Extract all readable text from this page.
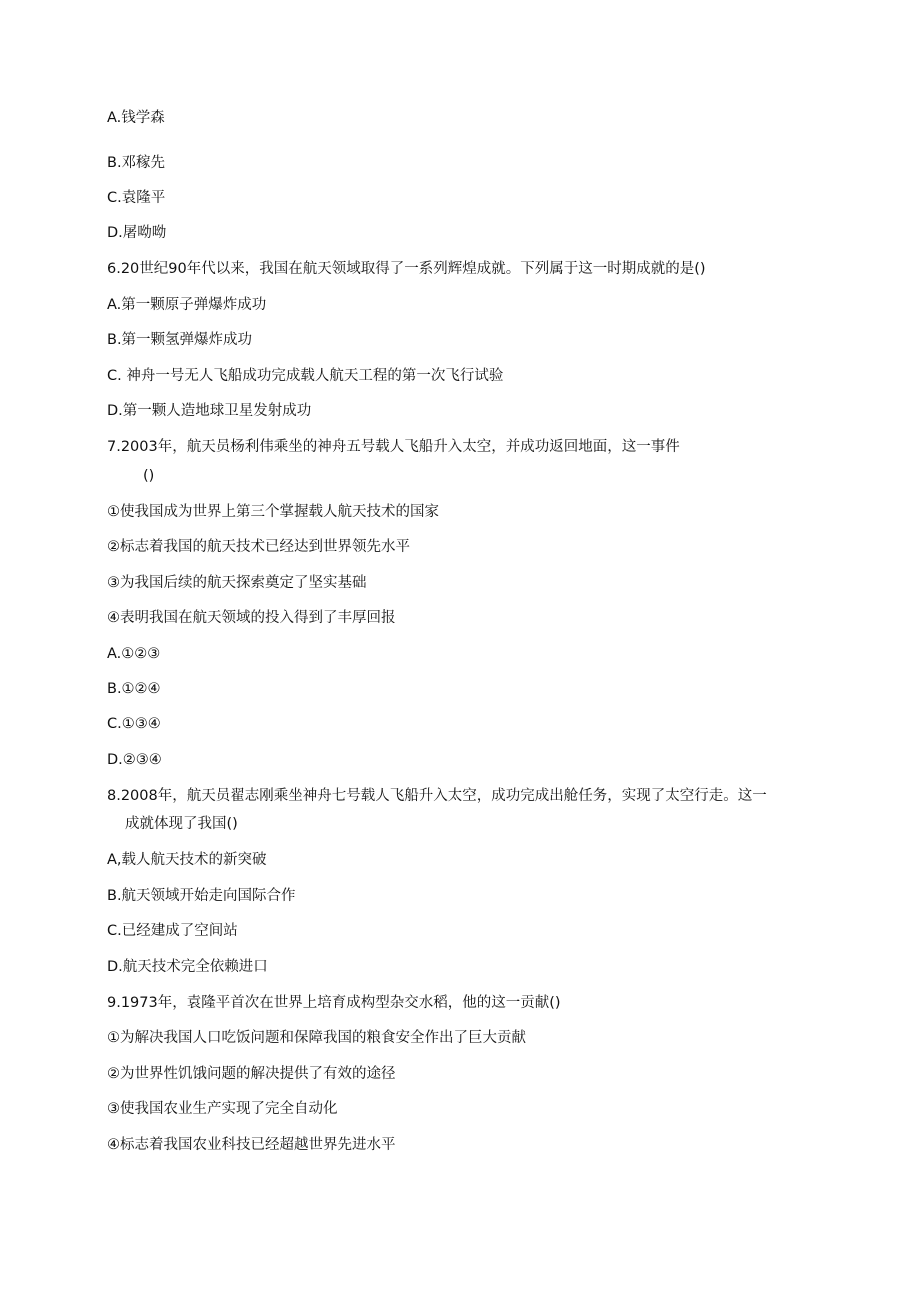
A.钱学森
B.邓稼先
C.袁隆平
D.屠呦呦
6.20世纪90年代以来，我国在航天领域取得了一系列辉煌成就。下列属于这一时期成就的是()
A.第一颗原子弹爆炸成功
B.第一颗氢弹爆炸成功
C. 神舟一号无人飞船成功完成载人航天工程的第一次飞行试验
D.第一颗人造地球卫星发射成功
7.2003年，航天员杨利伟乘坐的神舟五号载人飞船升入太空，并成功返回地面，这一事件
()
①使我国成为世界上第三个掌握载人航天技术的国家
②标志着我国的航天技术已经达到世界领先水平
③为我国后续的航天探索奠定了坚实基础
④表明我国在航天领域的投入得到了丰厚回报
A.①②③
B.①②④
C.①③④
D.②③④
8.2008年，航天员翟志刚乘坐神舟七号载人飞船升入太空，成功完成出舱任务，实现了太空行走。这一
成就体现了我国()
A,载人航天技术的新突破
B.航天领域开始走向国际合作
C.已经建成了空间站
D.航天技术完全依赖进口
9.1973年，袁隆平首次在世界上培育成构型杂交水稻，他的这一贡献()
①为解决我国人口吃饭问题和保障我国的粮食安全作出了巨大贡献
②为世界性饥饿问题的解决提供了有效的途径
③使我国农业生产实现了完全自动化
④标志着我国农业科技已经超越世界先进水平
